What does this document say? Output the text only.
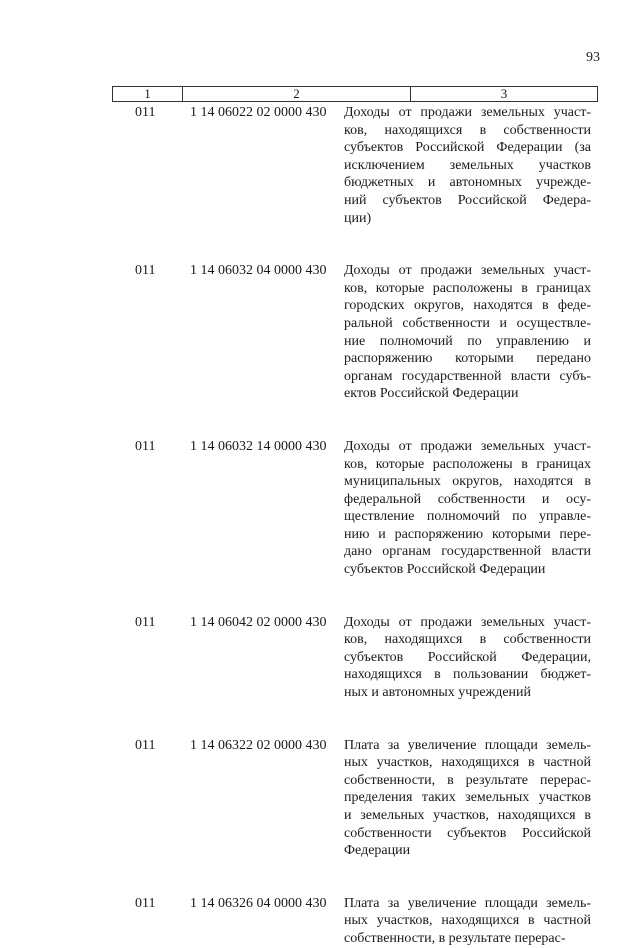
93
1	2	3
011	1 14 06022 02 0000 430	Доходы от продажи земельных участ-
ков, находящихся в собственности
субъектов Российской Федерации (за
исключением земельных участков
бюджетных и автономных учрежде-
ний субъектов Российской Федера-
ции)
011	1 14 06032 04 0000 430	Доходы от продажи земельных участ-
ков, которые расположены в границах
городских округов, находятся в феде-
ральной собственности и осуществле-
ние полномочий по управлению и
распоряжению которыми передано
органам государственной власти субъ-
ектов Российской Федерации
011	1 14 06032 14 0000 430	Доходы от продажи земельных участ-
ков, которые расположены в границах
муниципальных округов, находятся в
федеральной собственности и осу-
ществление полномочий по управле-
нию и распоряжению которыми пере-
дано органам государственной власти
субъектов Российской Федерации
011	1 14 06042 02 0000 430	Доходы от продажи земельных участ-
ков, находящихся в собственности
субъектов Российской Федерации,
находящихся в пользовании бюджет-
ных и автономных учреждений
011	1 14 06322 02 0000 430	Плата за увеличение площади земель-
ных участков, находящихся в частной
собственности, в результате перерас-
пределения таких земельных участков
и земельных участков, находящихся в
собственности субъектов Российской
Федерации
011	1 14 06326 04 0000 430	Плата за увеличение площади земель-
ных участков, находящихся в частной
собственности, в результате перерас-
